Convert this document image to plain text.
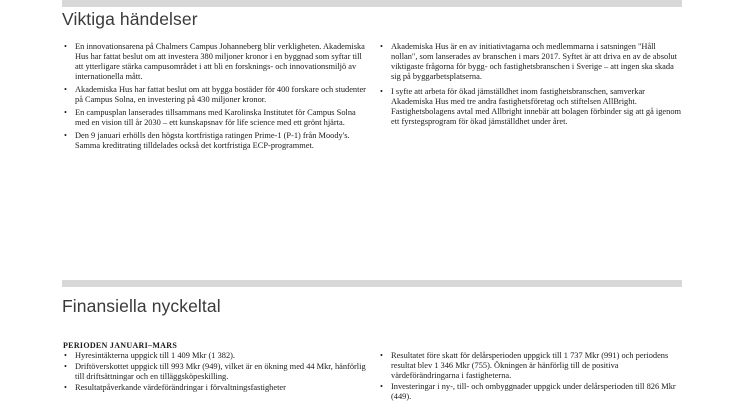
Viktiga händelser
• En innovationsarena på Chalmers Campus Johanneberg blir verkligheten. Akademiska Hus har fattat beslut om att investera 380 miljoner kronor i en byggnad som syftar till att ytterligare stärka campusområdet i att bli en forsknings- och innovationsmiljö av internationella mått.
• Akademiska Hus har fattat beslut om att bygga bostäder för 400 forskare och studenter på Campus Solna, en investering på 430 miljoner kronor.
• En campusplan lanserades tillsammans med Karolinska Institutet för Campus Solna med en vision till år 2030 – ett kunskapsnav för life science med ett grönt hjärta.
• Den 9 januari erhölls den högsta kortfristiga ratingen Prime-1 (P-1) från Moody's. Samma kreditrating tilldelades också det kortfristiga ECP-programmet.
• Akademiska Hus är en av initiativtagarna och medlemmarna i satsningen "Håll nollan", som lanserades av branschen i mars 2017. Syftet är att driva en av de absolut viktigaste frågorna för bygg- och fastighetsbranschen i Sverige – att ingen ska skada sig på byggarbetsplatserna.
• I syfte att arbeta för ökad jämställdhet inom fastighetsbranschen, samverkar Akademiska Hus med tre andra fastighetsföretag och stiftelsen AllBright. Fastighetsbolagens avtal med Allbright innebär att bolagen förbinder sig att gå igenom ett fyrstegsprogram för ökad jämställdhet under året.
Finansiella nyckeltal
PERIODEN JANUARI–MARS
• Hyresintäkterna uppgick till 1 409 Mkr (1 382).
• Driftöverskottet uppgick till 993 Mkr (949), vilket är en ökning med 44 Mkr, hänförlig till driftsättningar och en tilläggsköpeskilling.
• Resultatpåverkande värdeförändringar i förvaltningsfastigheter
• Resultatet före skatt för delårsperioden uppgick till 1 737 Mkr (991) och periodens resultat blev 1 346 Mkr (755). Ökningen är hänförlig till de positiva värdeförändringarna i fastigheterna.
• Investeringar i ny-, till- och ombyggnader uppgick under delårsperioden till 826 Mkr (449).
